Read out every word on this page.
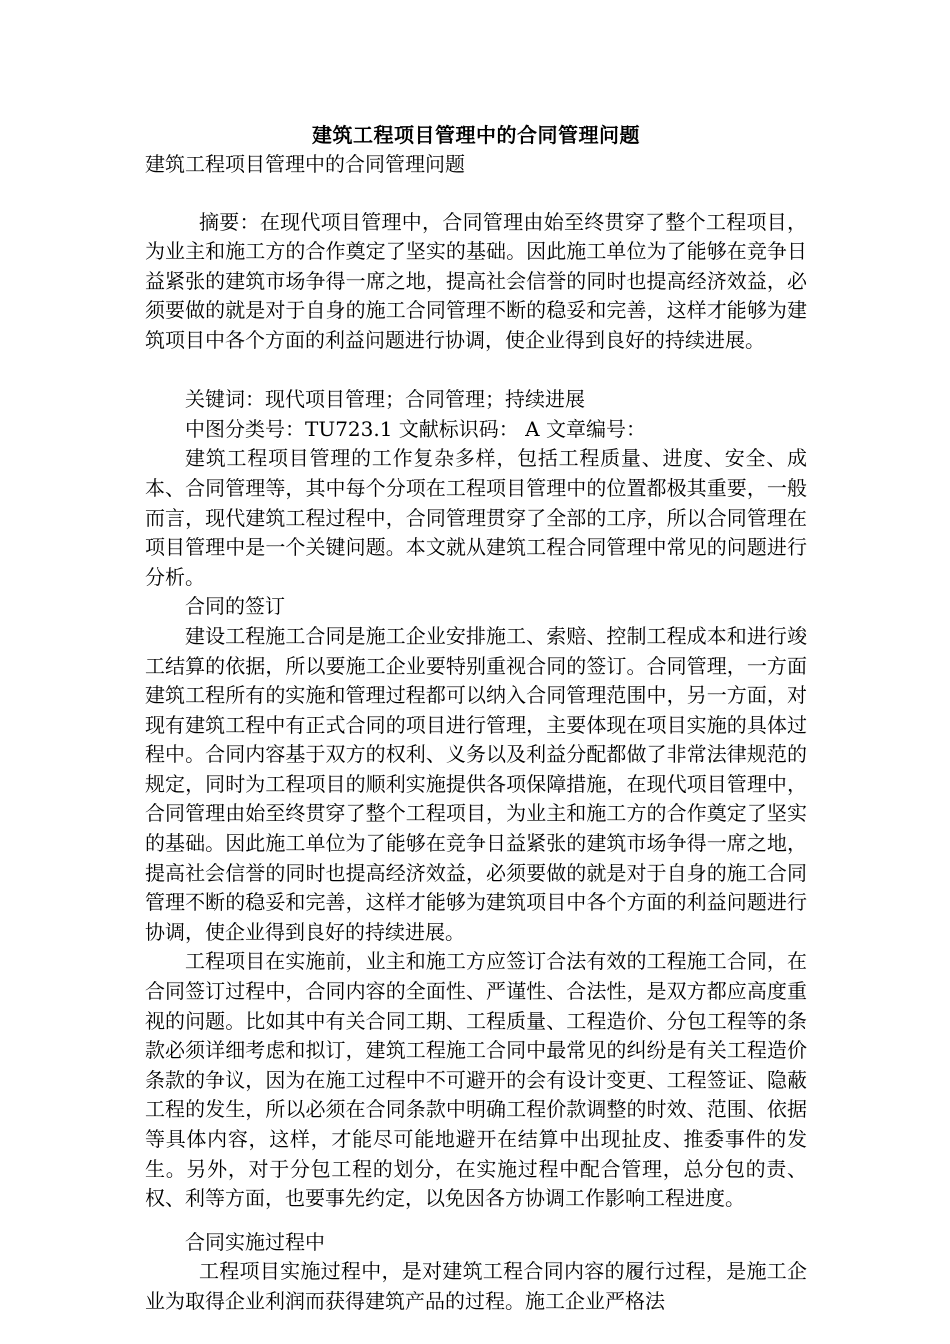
建筑工程项目管理中的合同管理问题

建筑工程项目管理中的合同管理问题

摘要：在现代项目管理中，合同管理由始至终贯穿了整个工程项目，为业主和施工方的合作奠定了坚实的基础。因此施工单位为了能够在竞争日益紧张的建筑市场争得一席之地，提高社会信誉的同时也提高经济效益，必须要做的就是对于自身的施工合同管理不断的稳妥和完善，这样才能够为建筑项目中各个方面的利益问题进行协调，使企业得到良好的持续进展。

关键词：现代项目管理；合同管理；持续进展

中图分类号：TU723.1 文献标识码： A 文章编号：

建筑工程项目管理的工作复杂多样，包括工程质量、进度、安全、成本、合同管理等，其中每个分项在工程项目管理中的位置都极其重要，一般而言，现代建筑工程过程中，合同管理贯穿了全部的工序，所以合同管理在项目管理中是一个关键问题。本文就从建筑工程合同管理中常见的问题进行分析。

合同的签订

建设工程施工合同是施工企业安排施工、索赔、控制工程成本和进行竣工结算的依据，所以要施工企业要特别重视合同的签订。合同管理，一方面建筑工程所有的实施和管理过程都可以纳入合同管理范围中，另一方面，对现有建筑工程中有正式合同的项目进行管理，主要体现在项目实施的具体过程中。合同内容基于双方的权利、义务以及利益分配都做了非常法律规范的规定，同时为工程项目的顺利实施提供各项保障措施，在现代项目管理中，合同管理由始至终贯穿了整个工程项目，为业主和施工方的合作奠定了坚实的基础。因此施工单位为了能够在竞争日益紧张的建筑市场争得一席之地，提高社会信誉的同时也提高经济效益，必须要做的就是对于自身的施工合同管理不断的稳妥和完善，这样才能够为建筑项目中各个方面的利益问题进行协调，使企业得到良好的持续进展。

工程项目在实施前，业主和施工方应签订合法有效的工程施工合同，在合同签订过程中，合同内容的全面性、严谨性、合法性，是双方都应高度重视的问题。比如其中有关合同工期、工程质量、工程造价、分包工程等的条款必须详细考虑和拟订，建筑工程施工合同中最常见的纠纷是有关工程造价条款的争议，因为在施工过程中不可避开的会有设计变更、工程签证、隐蔽工程的发生，所以必须在合同条款中明确工程价款调整的时效、范围、依据等具体内容，这样，才能尽可能地避开在结算中出现扯皮、推委事件的发生。另外，对于分包工程的划分，在实施过程中配合管理，总分包的责、权、利等方面，也要事先约定，以免因各方协调工作影响工程进度。

合同实施过程中

工程项目实施过程中，是对建筑工程合同内容的履行过程，是施工企业为取得企业利润而获得建筑产品的过程。施工企业严格法
